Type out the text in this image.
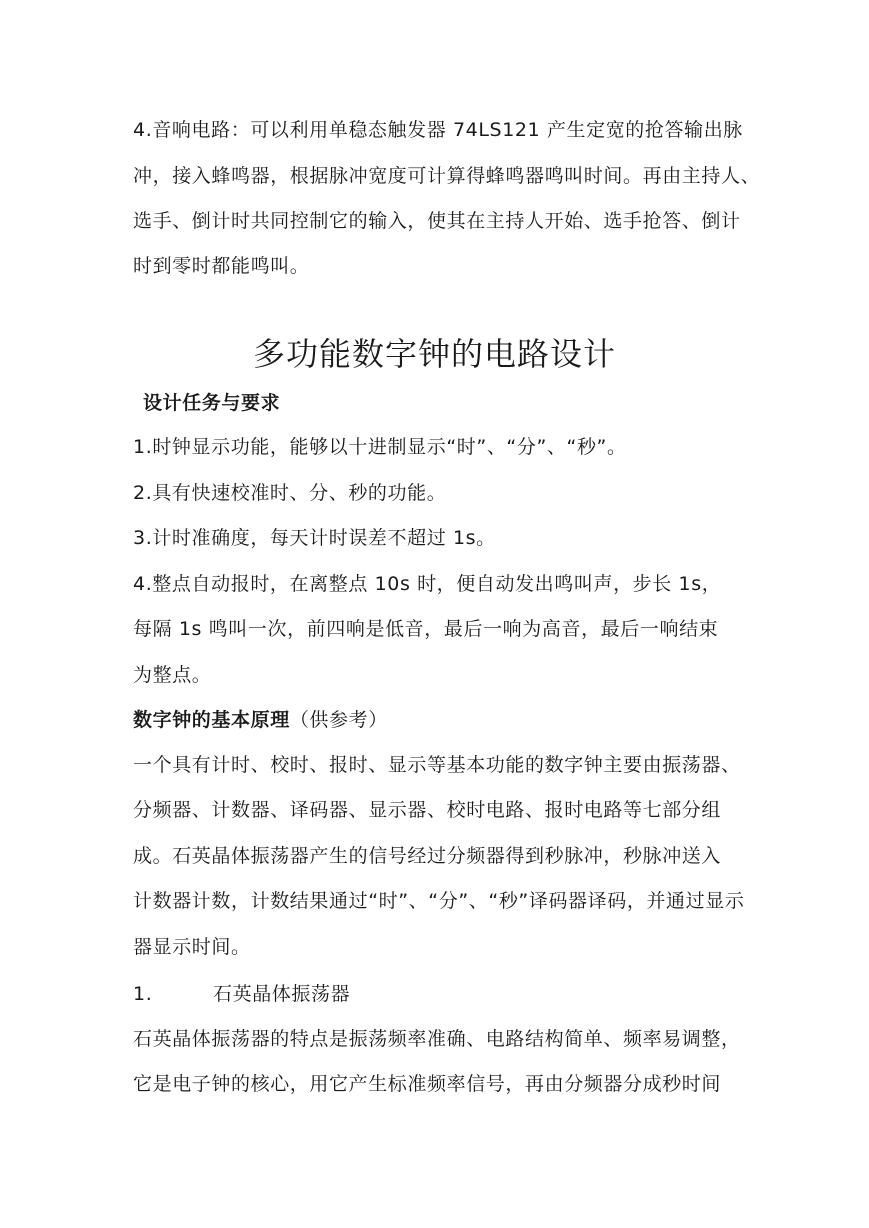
4.音响电路：可以利用单稳态触发器 74LS121 产生定宽的抢答输出脉
冲，接入蜂鸣器，根据脉冲宽度可计算得蜂鸣器鸣叫时间。再由主持人、
选手、倒计时共同控制它的输入，使其在主持人开始、选手抢答、倒计
时到零时都能鸣叫。
多功能数字钟的电路设计
设计任务与要求
1.时钟显示功能，能够以十进制显示“时”、“分”、“秒”。
2.具有快速校准时、分、秒的功能。
3.计时准确度，每天计时误差不超过 1s。
4.整点自动报时，在离整点 10s 时，便自动发出鸣叫声，步长 1s，
每隔 1s 鸣叫一次，前四响是低音，最后一响为高音，最后一响结束
为整点。
数字钟的基本原理（供参考）
一个具有计时、校时、报时、显示等基本功能的数字钟主要由振荡器、
分频器、计数器、译码器、显示器、校时电路、报时电路等七部分组
成。石英晶体振荡器产生的信号经过分频器得到秒脉冲，秒脉冲送入
计数器计数，计数结果通过“时”、“分”、“秒”译码器译码，并通过显示
器显示时间。
1.	石英晶体振荡器
石英晶体振荡器的特点是振荡频率准确、电路结构简单、频率易调整，
它是电子钟的核心，用它产生标准频率信号，再由分频器分成秒时间
